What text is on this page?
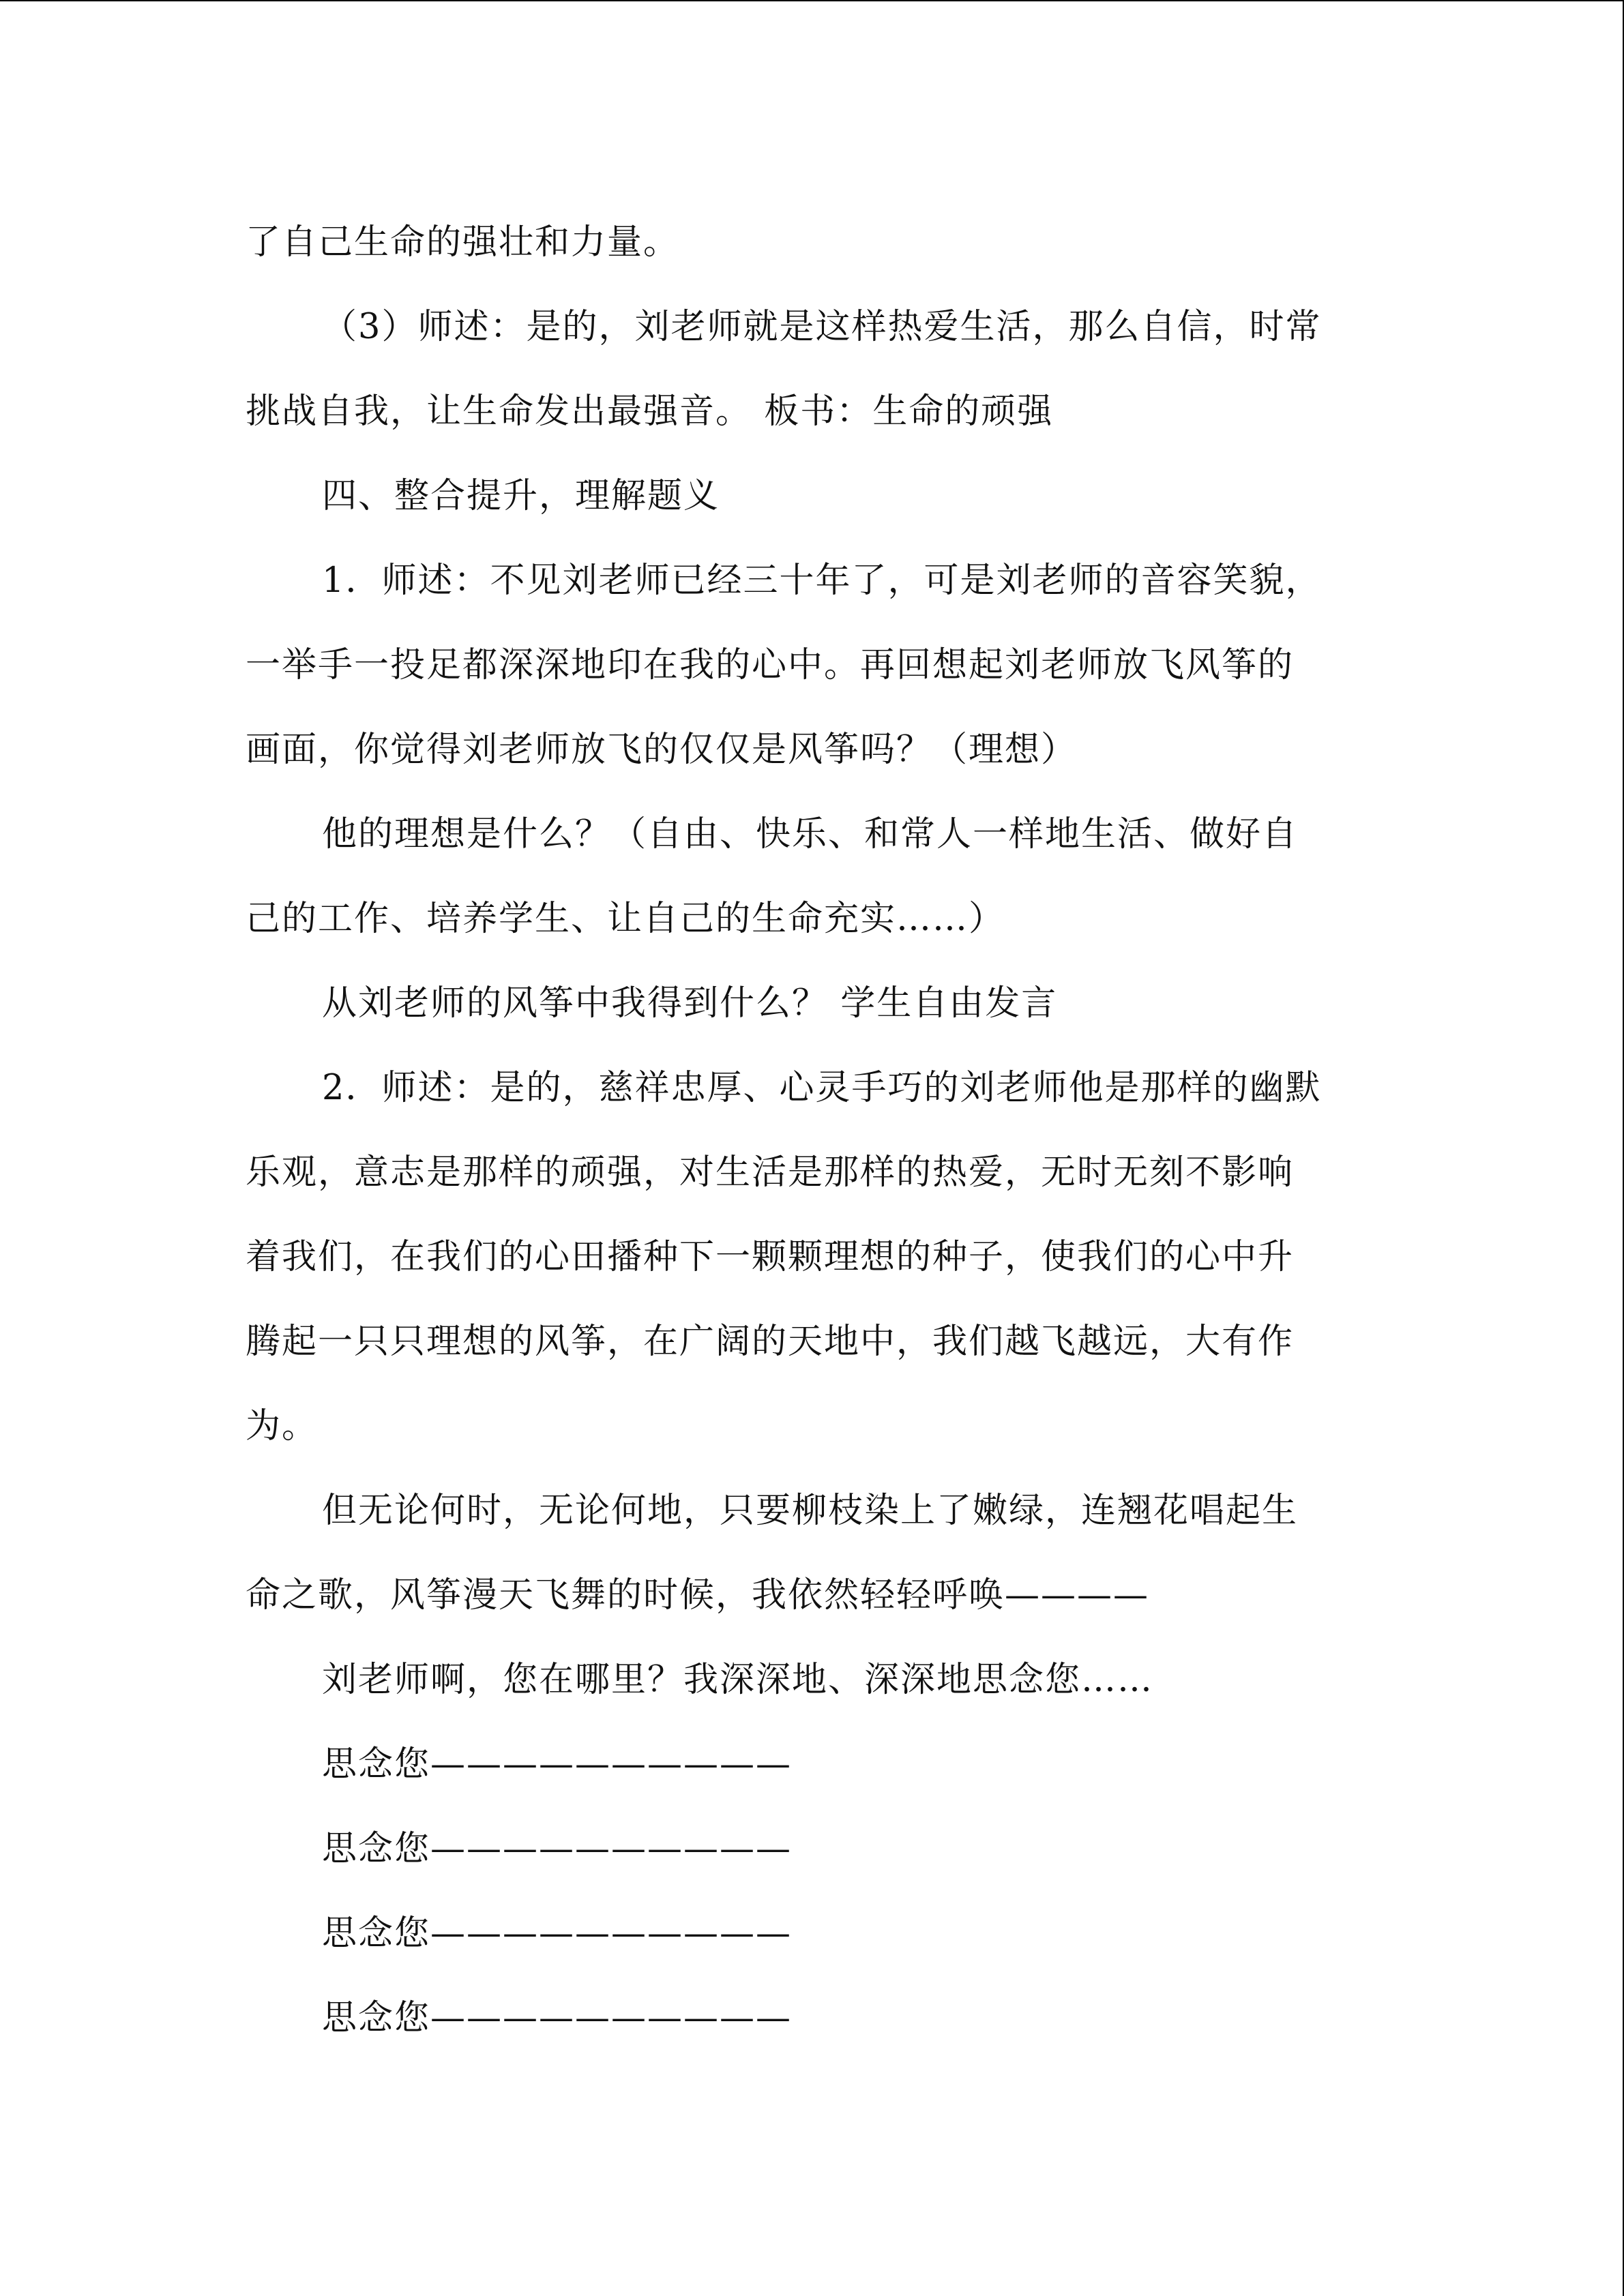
了自己生命的强壮和力量。
（3）师述：是的，刘老师就是这样热爱生活，那么自信，时常
挑战自我，让生命发出最强音。 板书：生命的顽强
四、整合提升，理解题义
1．师述：不见刘老师已经三十年了，可是刘老师的音容笑貌，
一举手一投足都深深地印在我的心中。再回想起刘老师放飞风筝的
画面，你觉得刘老师放飞的仅仅是风筝吗？（理想）
他的理想是什么？（自由、快乐、和常人一样地生活、做好自
己的工作、培养学生、让自己的生命充实……）
从刘老师的风筝中我得到什么？ 学生自由发言
2．师述：是的，慈祥忠厚、心灵手巧的刘老师他是那样的幽默
乐观，意志是那样的顽强，对生活是那样的热爱，无时无刻不影响
着我们，在我们的心田播种下一颗颗理想的种子，使我们的心中升
腾起一只只理想的风筝，在广阔的天地中，我们越飞越远，大有作
为。
但无论何时，无论何地，只要柳枝染上了嫩绿，连翘花唱起生
命之歌，风筝漫天飞舞的时候，我依然轻轻呼唤————
刘老师啊，您在哪里？我深深地、深深地思念您……
思念您——————————
思念您——————————
思念您——————————
思念您——————————
